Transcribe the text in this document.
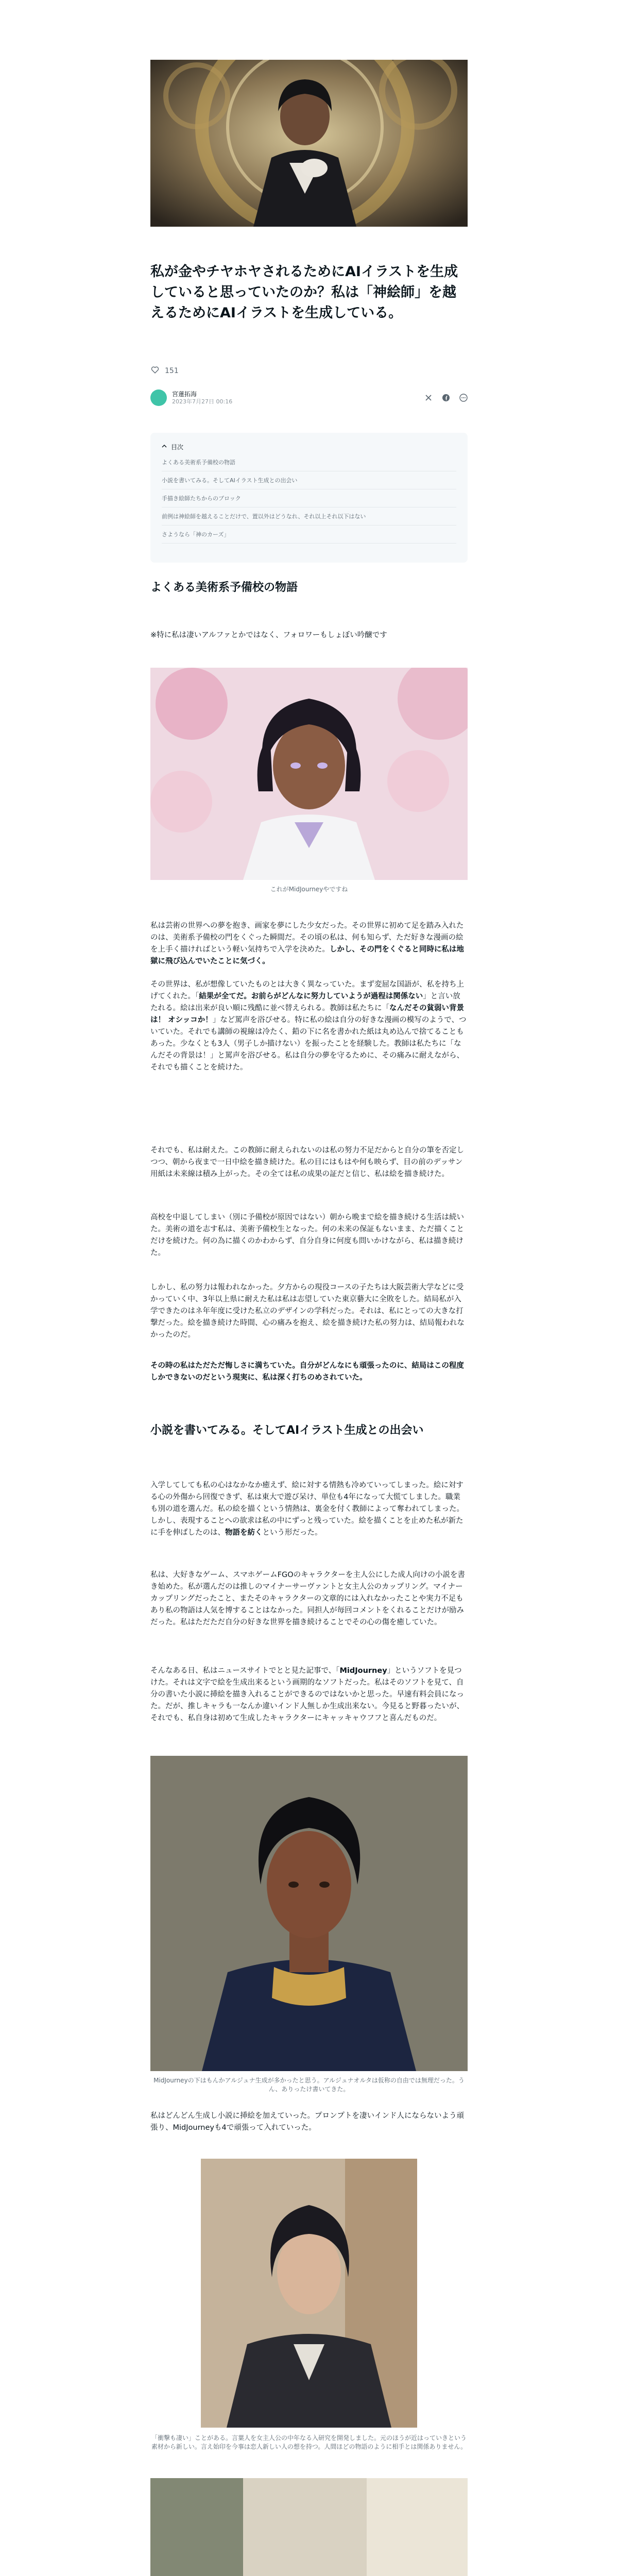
私が金やチヤホヤされるためにAIイラストを生成していると思っていたのか？私は「神絵師」を越えるためにAIイラストを生成している。
151
宮蓮拓海
2023年7月27日 00:16
目次
よくある美術系予備校の物語
小説を書いてみる。そしてAIイラスト生成との出会い
手描き絵師たちからのブロック
前例は神絵師を越えることだけで、置以外はどうなれ、それ以上それ以下はない
さようなら「神のカーズ」
よくある美術系予備校の物語

※特に私は凄いアルファとかではなく、フォロワーもしょぼい吟醸です

これがMidJourneyやですね

私は芸術の世界への夢を抱き、画家を夢にした少女だった。その世界に初めて足を踏み入れたのは、美術系予備校の門をくぐった瞬間だ。その頃の私は、何も知らず、ただ好きな漫画の絵を上手く描ければという軽い気持ちで入学を決めた。しかし、その門をくぐると同時に私は地獄に飛び込んでいたことに気づく。

その世界は、私が想像していたものとは大きく異なっていた。まず変屈な国語が、私を持ち上げてくれた。「結果が全てだ。お前らがどんなに努力していようが過程は関係ない」と言い放たれる。絵は出来が良い順に残酷に並べ替えられる。教師は私たちに「なんだその貧弱い背景は！ オシッコか！」など罵声を浴びせる。特に私の絵は自分の好きな漫画の模写のようで、ついていた。それでも講師の視線は冷たく、鉛の下に名を書かれた紙は丸め込んで捨てることもあった。少なくとも3人（男子しか描けない）を振ったことを経験した。教師は私たちに「なんだその背景は！」と罵声を浴びせる。私は自分の夢を守るために、その痛みに耐えながら、それでも描くことを続けた。

それでも、私は耐えた。この教師に耐えられないのは私の努力不足だからと自分の筆を否定しつつ、朝から夜まで一日中絵を描き続けた。私の目にはもはや何も映らず、目の前のデッサン用紙は未来線は積み上がった。その全ては私の成果の証だと信じ、私は絵を描き続けた。

高校を中退してしまい（別に予備校が原因ではない）朝から晩まで絵を描き続ける生活は続いた。美術の道を志す私は、美術予備校生となった。何の未来の保証もないまま、ただ描くことだけを続けた。何の為に描くのかわからず、自分自身に何度も問いかけながら、私は描き続けた。

しかし、私の努力は報われなかった。夕方からの現役コースの子たちは大阪芸術大学などに受かっていく中、3年以上県に耐えた私は私は志望していた東京藝大に全敗をした。結局私が入学できたのはネ年年度に受けた私立のデザインの学科だった。それは、私にとっての大きな打撃だった。絵を描き続けた時間、心の痛みを抱え、絵を描き続けた私の努力は、結局報われなかったのだ。

その時の私はただただ悔しさに満ちていた。自分がどんなにも頑張ったのに、結局はこの程度しかできないのだという現実に、私は深く打ちのめされていた。

小説を書いてみる。そしてAIイラスト生成との出会い

入学してしても私の心はなかなか癒えず、絵に対する情熱も冷めていってしまった。絵に対する心の外傷から回復できず、私は東大で遊び呆け、単位も4年になって大慌てしました。職業も別の道を選んだ。私の絵を描くという情熱は、裏金を付く教師によって奪われてしまった。しかし、表現することへの欲求は私の中にずっと残っていた。絵を描くことを止めた私が新たに手を伸ばしたのは、物語を紡くという形だった。

私は、大好きなゲーム、スマホゲームFGOのキャラクターを主人公にした成人向けの小説を書き始めた。私が選んだのは推しのマイナーサーヴァントと女主人公のカップリング。マイナーカップリングだったこと、またそのキャラクターの文章的には入れなかったことや実力不足もあり私の物語は人気を博することはなかった。同担人が毎回コメントをくれることだけが励みだった。私はただただ自分の好きな世界を描き続けることでその心の傷を癒していた。

そんなある日、私はニュースサイトでとと見た記事で、「MidJourney」というソフトを見つけた。それは文字で絵を生成出来るという画期的なソフトだった。私はそのソフトを見て、自分の書いた小説に挿絵を描き入れることができるのではないかと思った。早速有料会員になった。だが、推しキャラも一なんか違いインド人無しか生成出来ない。今見ると野暮ったいが、それでも、私自身は初めて生成したキャラクターにキャッキャウフフと喜んだものだ。

MidJourneyの下はもんかアルジュナ生成が多かったと思う。アルジュナオルタは仮称の自由では無理だった。うん、ありったけ書いてきた。

私はどんどん生成し小説に挿絵を加えていった。プロンプトを凄いインド人にならないよう頑張り、MidJourneyも4で頑張って入れていった。

「衝撃も凄い」ことがある。言葉人を女主人公の中年なる入研究を開発しました。元のほうが近はっていきという素材から新しい。言え始印を今事は恋人新しい人の想を持つ。人間ほどの物語のように相手とは関係ありません。
